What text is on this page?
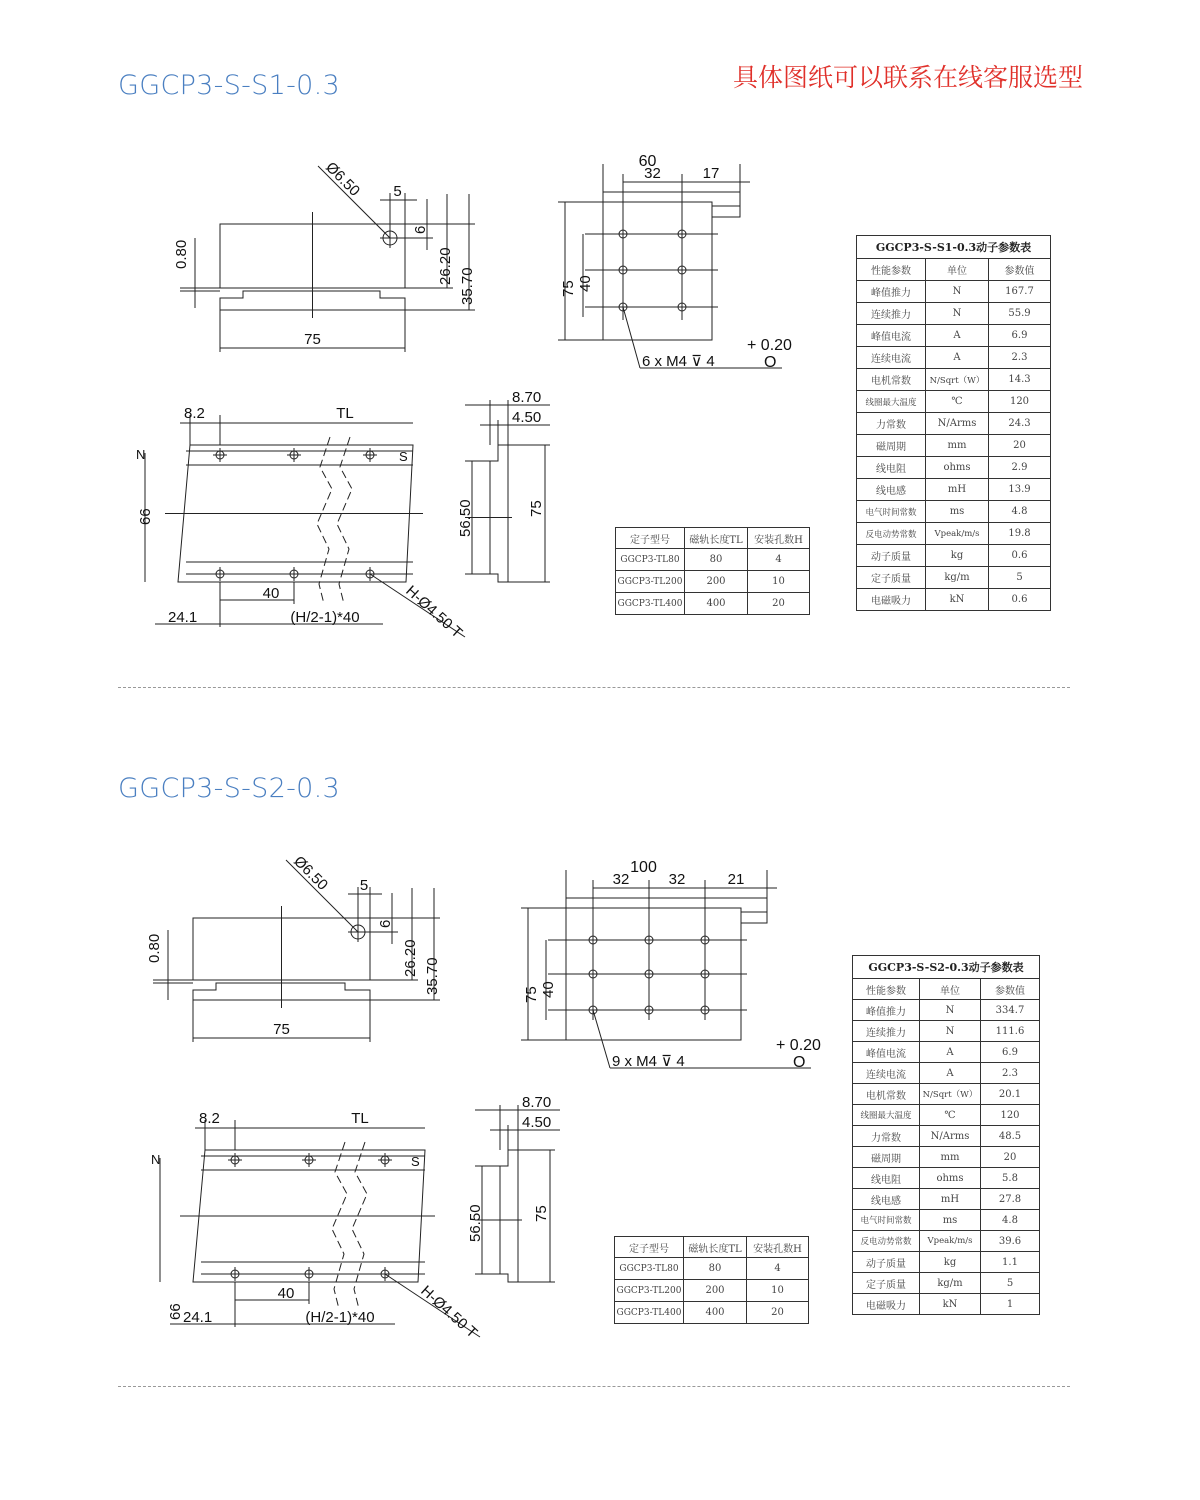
具体图纸可以联系在线客服选型
GGCP3-S-S1-0.3
GGCP3-S-S2-0.3
Ø6.50 5
6
26.20
35.70
0.80
75
60
32	17
75 40
6 x M4 ⊽ 4
+ 0.20
O
8.2	TL
N	S
66
40
24.1	(H/2-1)*40	H-Ø4.50 T
8.70
4.50
56.50	75
Ø6.50 5
6
26.20 35.70
0.80
75
100
32	32	21
75 40
9 x M4 ⊽ 4
+ 0.20
O
8.2	TL
N	S
66
40
24.1	(H/2-1)*40	H-Ø4.50 T
8.70
4.50
56.50	75
定子型号	磁轨长度TL	安装孔数H
GGCP3-TL80	80	4
GGCP3-TL200	200	10
GGCP3-TL400	400	20
GGCP3-S-S1-0.3动子参数表
性能参数	单位	参数值
峰值推力	N	167.7
连续推力	N	55.9
峰值电流	A	6.9
连续电流	A	2.3
电机常数	N/Sqrt（W）	14.3
线圈最大温度	℃	120
力常数	N/Arms	24.3
磁周期	mm	20
线电阻	ohms	2.9
线电感	mH	13.9
电气时间常数	ms	4.8
反电动势常数	Vpeak/m/s	19.8
动子质量	kg	0.6
定子质量	kg/m	5
电磁吸力	kN	0.6
定子型号	磁轨长度TL	安装孔数H
GGCP3-TL80	80	4
GGCP3-TL200	200	10
GGCP3-TL400	400	20
GGCP3-S-S2-0.3动子参数表
性能参数	单位	参数值
峰值推力	N	334.7
连续推力	N	111.6
峰值电流	A	6.9
连续电流	A	2.3
电机常数	N/Sqrt（W）	20.1
线圈最大温度	℃	120
力常数	N/Arms	48.5
磁周期	mm	20
线电阻	ohms	5.8
线电感	mH	27.8
电气时间常数	ms	4.8
反电动势常数	Vpeak/m/s	39.6
动子质量	kg	1.1
定子质量	kg/m	5
电磁吸力	kN	1
